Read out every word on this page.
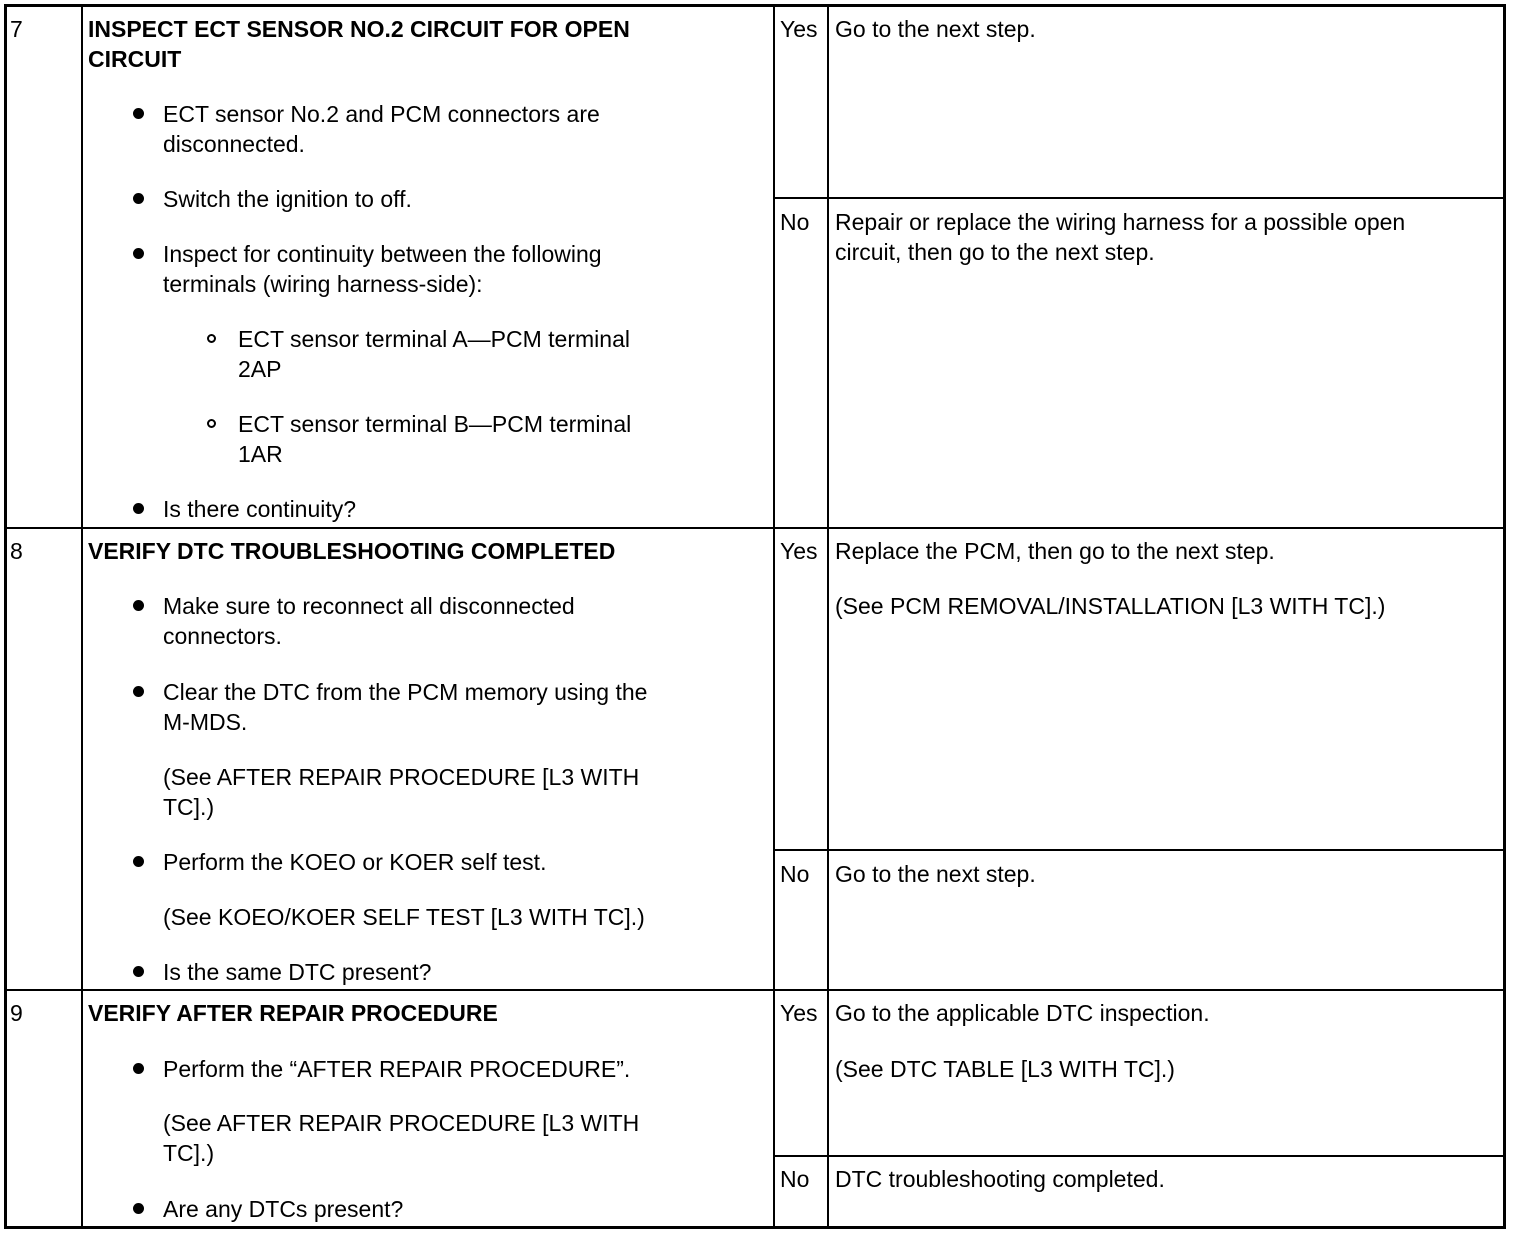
7	INSPECT ECT SENSOR NO.2 CIRCUIT FOR OPEN
CIRCUIT
ECT sensor No.2 and PCM connectors are
disconnected.
Switch the ignition to off.
Inspect for continuity between the following
terminals (wiring harness-side):
ECT sensor terminal A—PCM terminal
2AP
ECT sensor terminal B—PCM terminal
1AR
Is there continuity?
Yes Go to the next step.
No Repair or replace the wiring harness for a possible open
circuit, then go to the next step.
8	VERIFY DTC TROUBLESHOOTING COMPLETED
Make sure to reconnect all disconnected
connectors.
Clear the DTC from the PCM memory using the
M-MDS.
(See AFTER REPAIR PROCEDURE [L3 WITH
TC].)
Perform the KOEO or KOER self test.
(See KOEO/KOER SELF TEST [L3 WITH TC].)
Is the same DTC present?
Yes Replace the PCM, then go to the next step.
(See PCM REMOVAL/INSTALLATION [L3 WITH TC].)
No Go to the next step.
9	VERIFY AFTER REPAIR PROCEDURE
Perform the “AFTER REPAIR PROCEDURE”.
(See AFTER REPAIR PROCEDURE [L3 WITH
TC].)
Are any DTCs present?
Yes Go to the applicable DTC inspection.
(See DTC TABLE [L3 WITH TC].)
No DTC troubleshooting completed.
